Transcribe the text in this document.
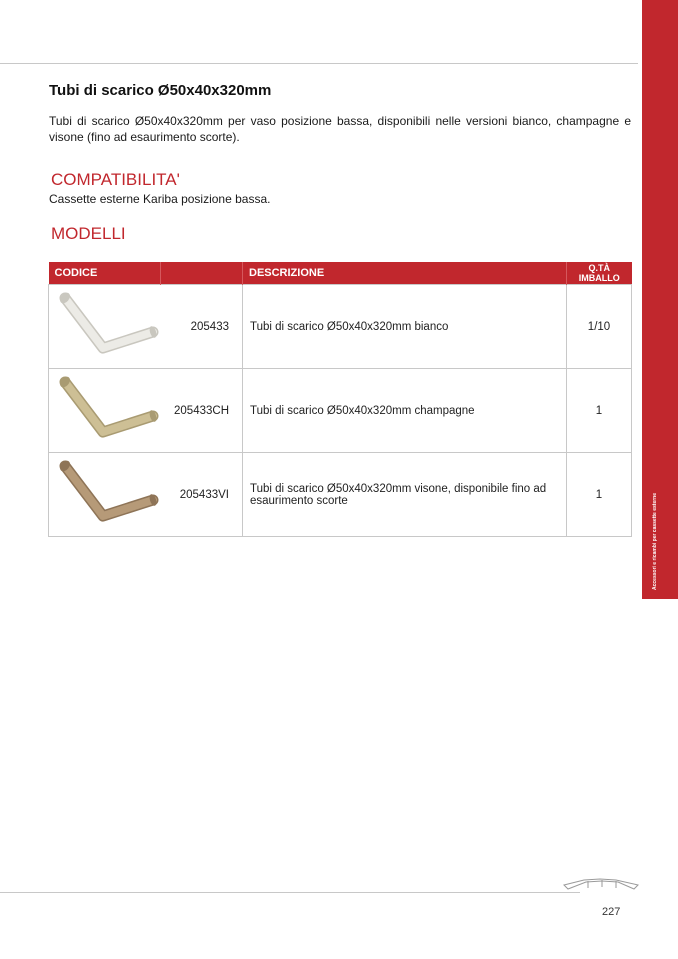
Accessori e ricambi per cassette esterne
Tubi di scarico Ø50x40x320mm

Tubi di scarico Ø50x40x320mm per vaso posizione bassa, disponibili nelle versioni bianco, champagne e visone (fino ad esaurimento scorte).

COMPATIBILITA'

Cassette esterne Kariba posizione bassa.

MODELLI
CODICE		DESCRIZIONE	Q.TÀ
IMBALLO

	205433	Tubi di scarico Ø50x40x320mm bianco	1/10

	205433CH	Tubi di scarico Ø50x40x320mm champagne	1

	205433VI	Tubi di scarico Ø50x40x320mm visone, disponibile fino ad esaurimento scorte	1
227
